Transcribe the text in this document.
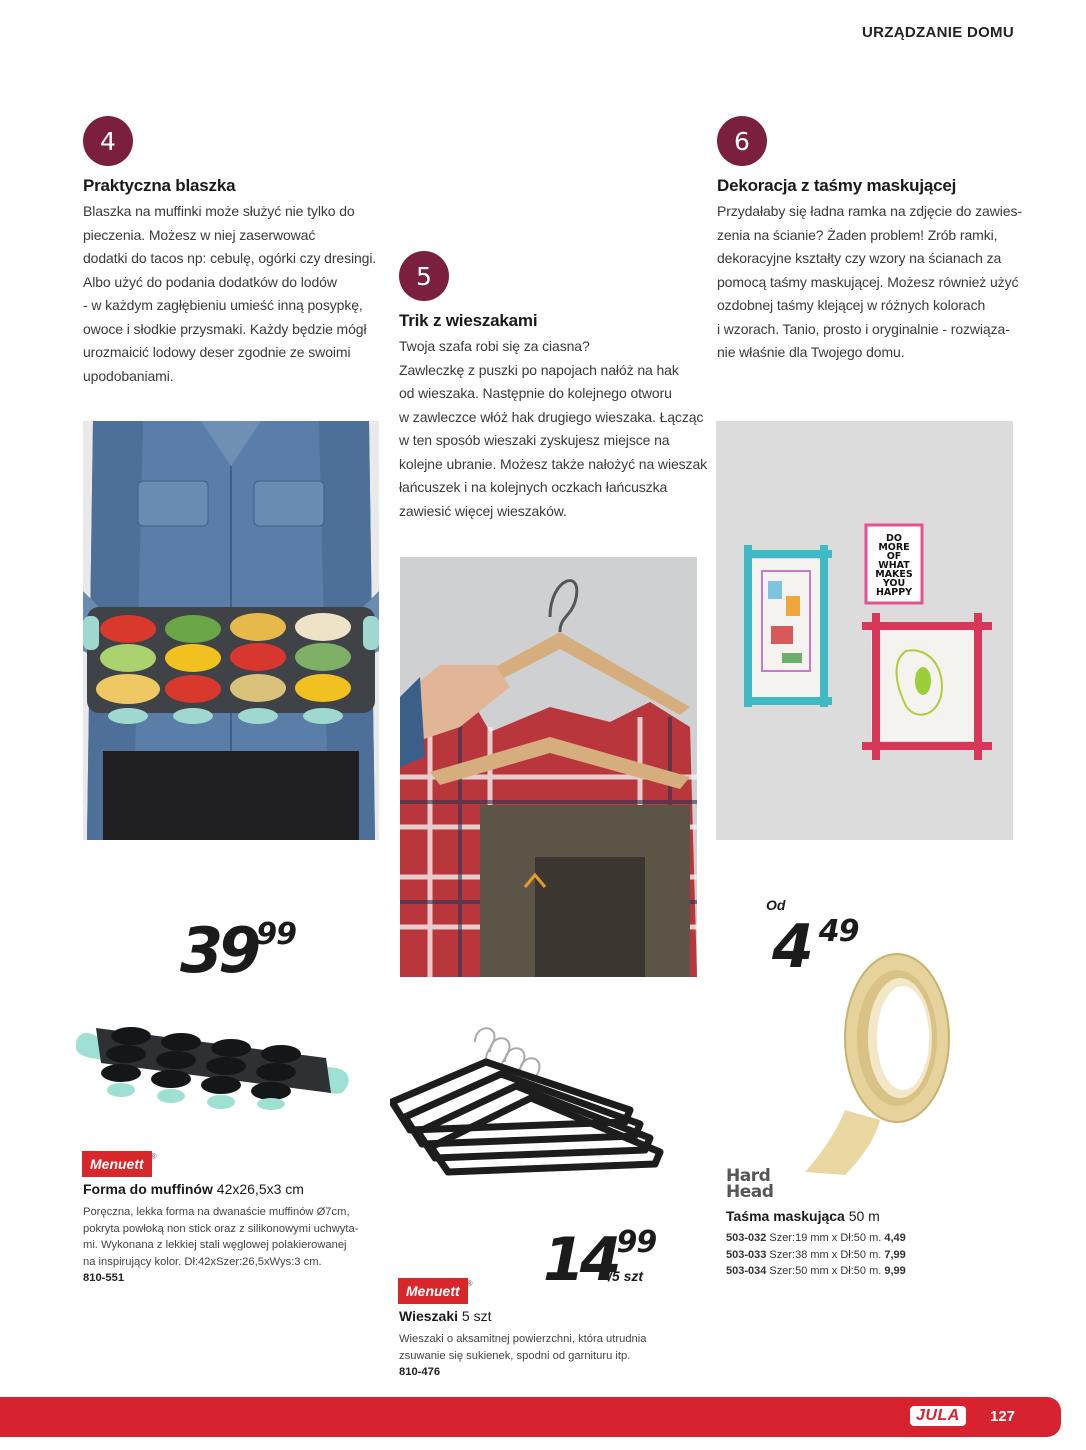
URZĄDZANIE DOMU
4
Praktyczna blaszka
Blaszka na muffinki może służyć nie tylko do
pieczenia. Możesz w niej zaserwować
dodatki do tacos np: cebulę, ogórki czy dresingi.
Albo użyć do podania dodatków do lodów
- w każdym zagłębieniu umieść inną posypkę,
owoce i słodkie przysmaki. Każdy będzie mógł
urozmaicić lodowy deser zgodnie ze swoimi
upodobaniami.
5
Trik z wieszakami
Twoja szafa robi się za ciasna?
Zawleczkę z puszki po napojach nałóż na hak
od wieszaka. Następnie do kolejnego otworu
w zawleczce włóż hak drugiego wieszaka. Łącząc
w ten sposób wieszaki zyskujesz miejsce na
kolejne ubranie. Możesz także nałożyć na wieszak
łańcuszek i na kolejnych oczkach łańcuszka
zawiesić więcej wieszaków.
6
Dekoracja z taśmy maskującej
Przydałaby się ładna ramka na zdjęcie do zawies-
zenia na ścianie? Żaden problem! Zrób ramki,
dekoracyjne kształty czy wzory na ścianach za
pomocą taśmy maskującej. Możesz również użyć
ozdobnej taśmy klejącej w różnych kolorach
i wzorach. Tanio, prosto i oryginalnie - rozwiąza-
nie właśnie dla Twojego domu.
DO
MORE
OF
WHAT
MAKES
YOU
HAPPY
3999
Menuett ®
Forma do muffinów 42x26,5x3 cm
Poręczna, lekka forma na dwanaście muffinów Ø7cm,
pokryta powłoką non stick oraz z silikonowymi uchwyta-
mi. Wykonana z lekkiej stali węglowej polakierowanej
na inspirujący kolor. Dł:42xSzer:26,5xWys:3 cm.
810-551	1499
/5 szt
Menuett ®
Wieszaki 5 szt
Wieszaki o aksamitnej powierzchni, która utrudnia
zsuwanie się sukienek, spodni od garnituru itp.
810-476
Od
4 49
Hard
Head
Taśma maskująca 50 m
503-032 Szer:19 mm x Dł:50 m. 4,49
503-033 Szer:38 mm x Dł:50 m. 7,99
503-034 Szer:50 mm x Dł:50 m. 9,99
JULA	127
